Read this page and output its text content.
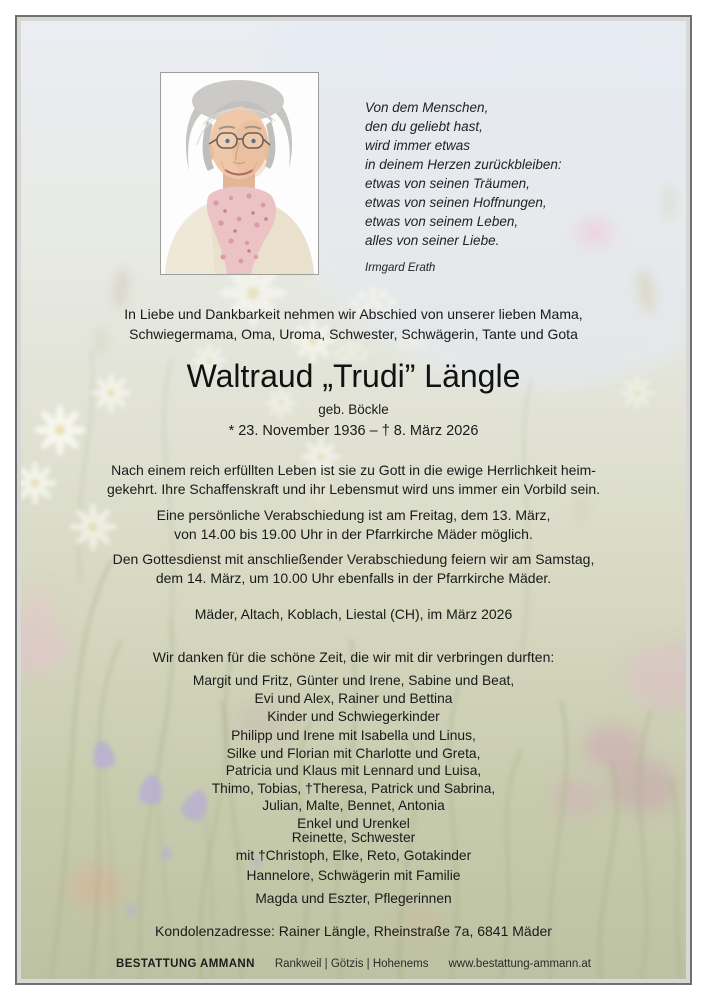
Von dem Menschen,
den du geliebt hast,
wird immer etwas
in deinem Herzen zurückbleiben:
etwas von seinen Träumen,
etwas von seinen Hoffnungen,
etwas von seinem Leben,
alles von seiner Liebe.
Irmgard Erath
In Liebe und Dankbarkeit nehmen wir Abschied von unserer lieben Mama,
Schwiegermama, Oma, Uroma, Schwester, Schwägerin, Tante und Gota
Waltraud „Trudi” Längle
geb. Böckle
* 23. November 1936 – † 8. März 2026
Nach einem reich erfüllten Leben ist sie zu Gott in die ewige Herrlichkeit heim-
gekehrt. Ihre Schaffenskraft und ihr Lebensmut wird uns immer ein Vorbild sein.
Eine persönliche Verabschiedung ist am Freitag, dem 13. März,
von 14.00 bis 19.00 Uhr in der Pfarrkirche Mäder möglich.
Den Gottesdienst mit anschließender Verabschiedung feiern wir am Samstag,
dem 14. März, um 10.00 Uhr ebenfalls in der Pfarrkirche Mäder.
Mäder, Altach, Koblach, Liestal (CH), im März 2026
Wir danken für die schöne Zeit, die wir mit dir verbringen durften:
Margit und Fritz, Günter und Irene, Sabine und Beat,
Evi und Alex, Rainer und Bettina
Kinder und Schwiegerkinder
Philipp und Irene mit Isabella und Linus,
Silke und Florian mit Charlotte und Greta,
Patricia und Klaus mit Lennard und Luisa,
Thimo, Tobias, †Theresa, Patrick und Sabrina,
Julian, Malte, Bennet, Antonia
Enkel und Urenkel
Reinette, Schwester
mit †Christoph, Elke, Reto, Gotakinder
Hannelore, Schwägerin mit Familie
Magda und Eszter, Pflegerinnen
Kondolenzadresse: Rainer Längle, Rheinstraße 7a, 6841 Mäder
BESTATTUNG AMMANN Rankweil | Götzis | Hohenems www.bestattung-ammann.at
